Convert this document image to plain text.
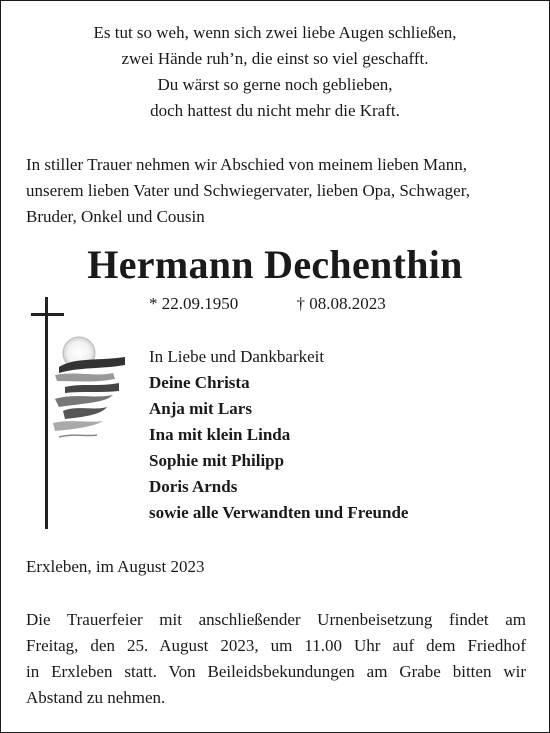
Es tut so weh, wenn sich zwei liebe Augen schließen,
zwei Hände ruh’n, die einst so viel geschafft.
Du wärst so gerne noch geblieben,
doch hattest du nicht mehr die Kraft.
In stiller Trauer nehmen wir Abschied von meinem lieben Mann,
unserem lieben Vater und Schwiegervater, lieben Opa, Schwager,
Bruder, Onkel und Cousin
Hermann Dechenthin
* 22.09.1950	† 08.08.2023
In Liebe und Dankbarkeit
Deine Christa
Anja mit Lars
Ina mit klein Linda
Sophie mit Philipp
Doris Arnds
sowie alle Verwandten und Freunde
Erxleben, im August 2023
Die Trauerfeier mit anschließender Urnenbeisetzung findet am
Freitag, den 25. August 2023, um 11.00 Uhr auf dem Friedhof
in Erxleben statt. Von Beileidsbekundungen am Grabe bitten wir
Abstand zu nehmen.
